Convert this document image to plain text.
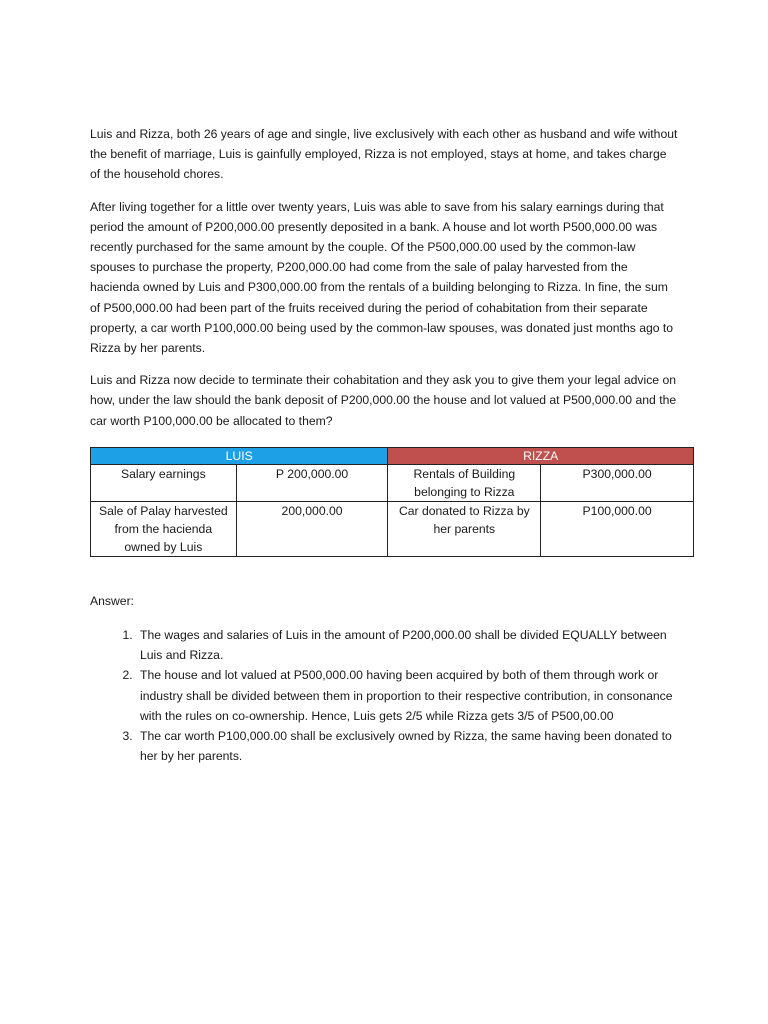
Luis and Rizza, both 26 years of age and single, live exclusively with each other as husband and wife without the benefit of marriage, Luis is gainfully employed, Rizza is not employed, stays at home, and takes charge of the household chores.

After living together for a little over twenty years, Luis was able to save from his salary earnings during that period the amount of P200,000.00 presently deposited in a bank. A house and lot worth P500,000.00 was recently purchased for the same amount by the couple. Of the P500,000.00 used by the common-law spouses to purchase the property, P200,000.00 had come from the sale of palay harvested from the hacienda owned by Luis and P300,000.00 from the rentals of a building belonging to Rizza. In fine, the sum of P500,000.00 had been part of the fruits received during the period of cohabitation from their separate property, a car worth P100,000.00 being used by the common-law spouses, was donated just months ago to Rizza by her parents.

Luis and Rizza now decide to terminate their cohabitation and they ask you to give them your legal advice on how, under the law should the bank deposit of P200,000.00 the house and lot valued at P500,000.00 and the car worth P100,000.00 be allocated to them?

LUIS		RIZZA	
Salary earnings	P 200,000.00	Rentals of Building belonging to Rizza	P300,000.00
Sale of Palay harvested from the hacienda owned by Luis	200,000.00	Car donated to Rizza by her parents	P100,000.00

Answer:

1. The wages and salaries of Luis in the amount of P200,000.00 shall be divided EQUALLY between Luis and Rizza.
2. The house and lot valued at P500,000.00 having been acquired by both of them through work or industry shall be divided between them in proportion to their respective contribution, in consonance with the rules on co-ownership. Hence, Luis gets 2/5 while Rizza gets 3/5 of P500,00.00
3. The car worth P100,000.00 shall be exclusively owned by Rizza, the same having been donated to her by her parents.
